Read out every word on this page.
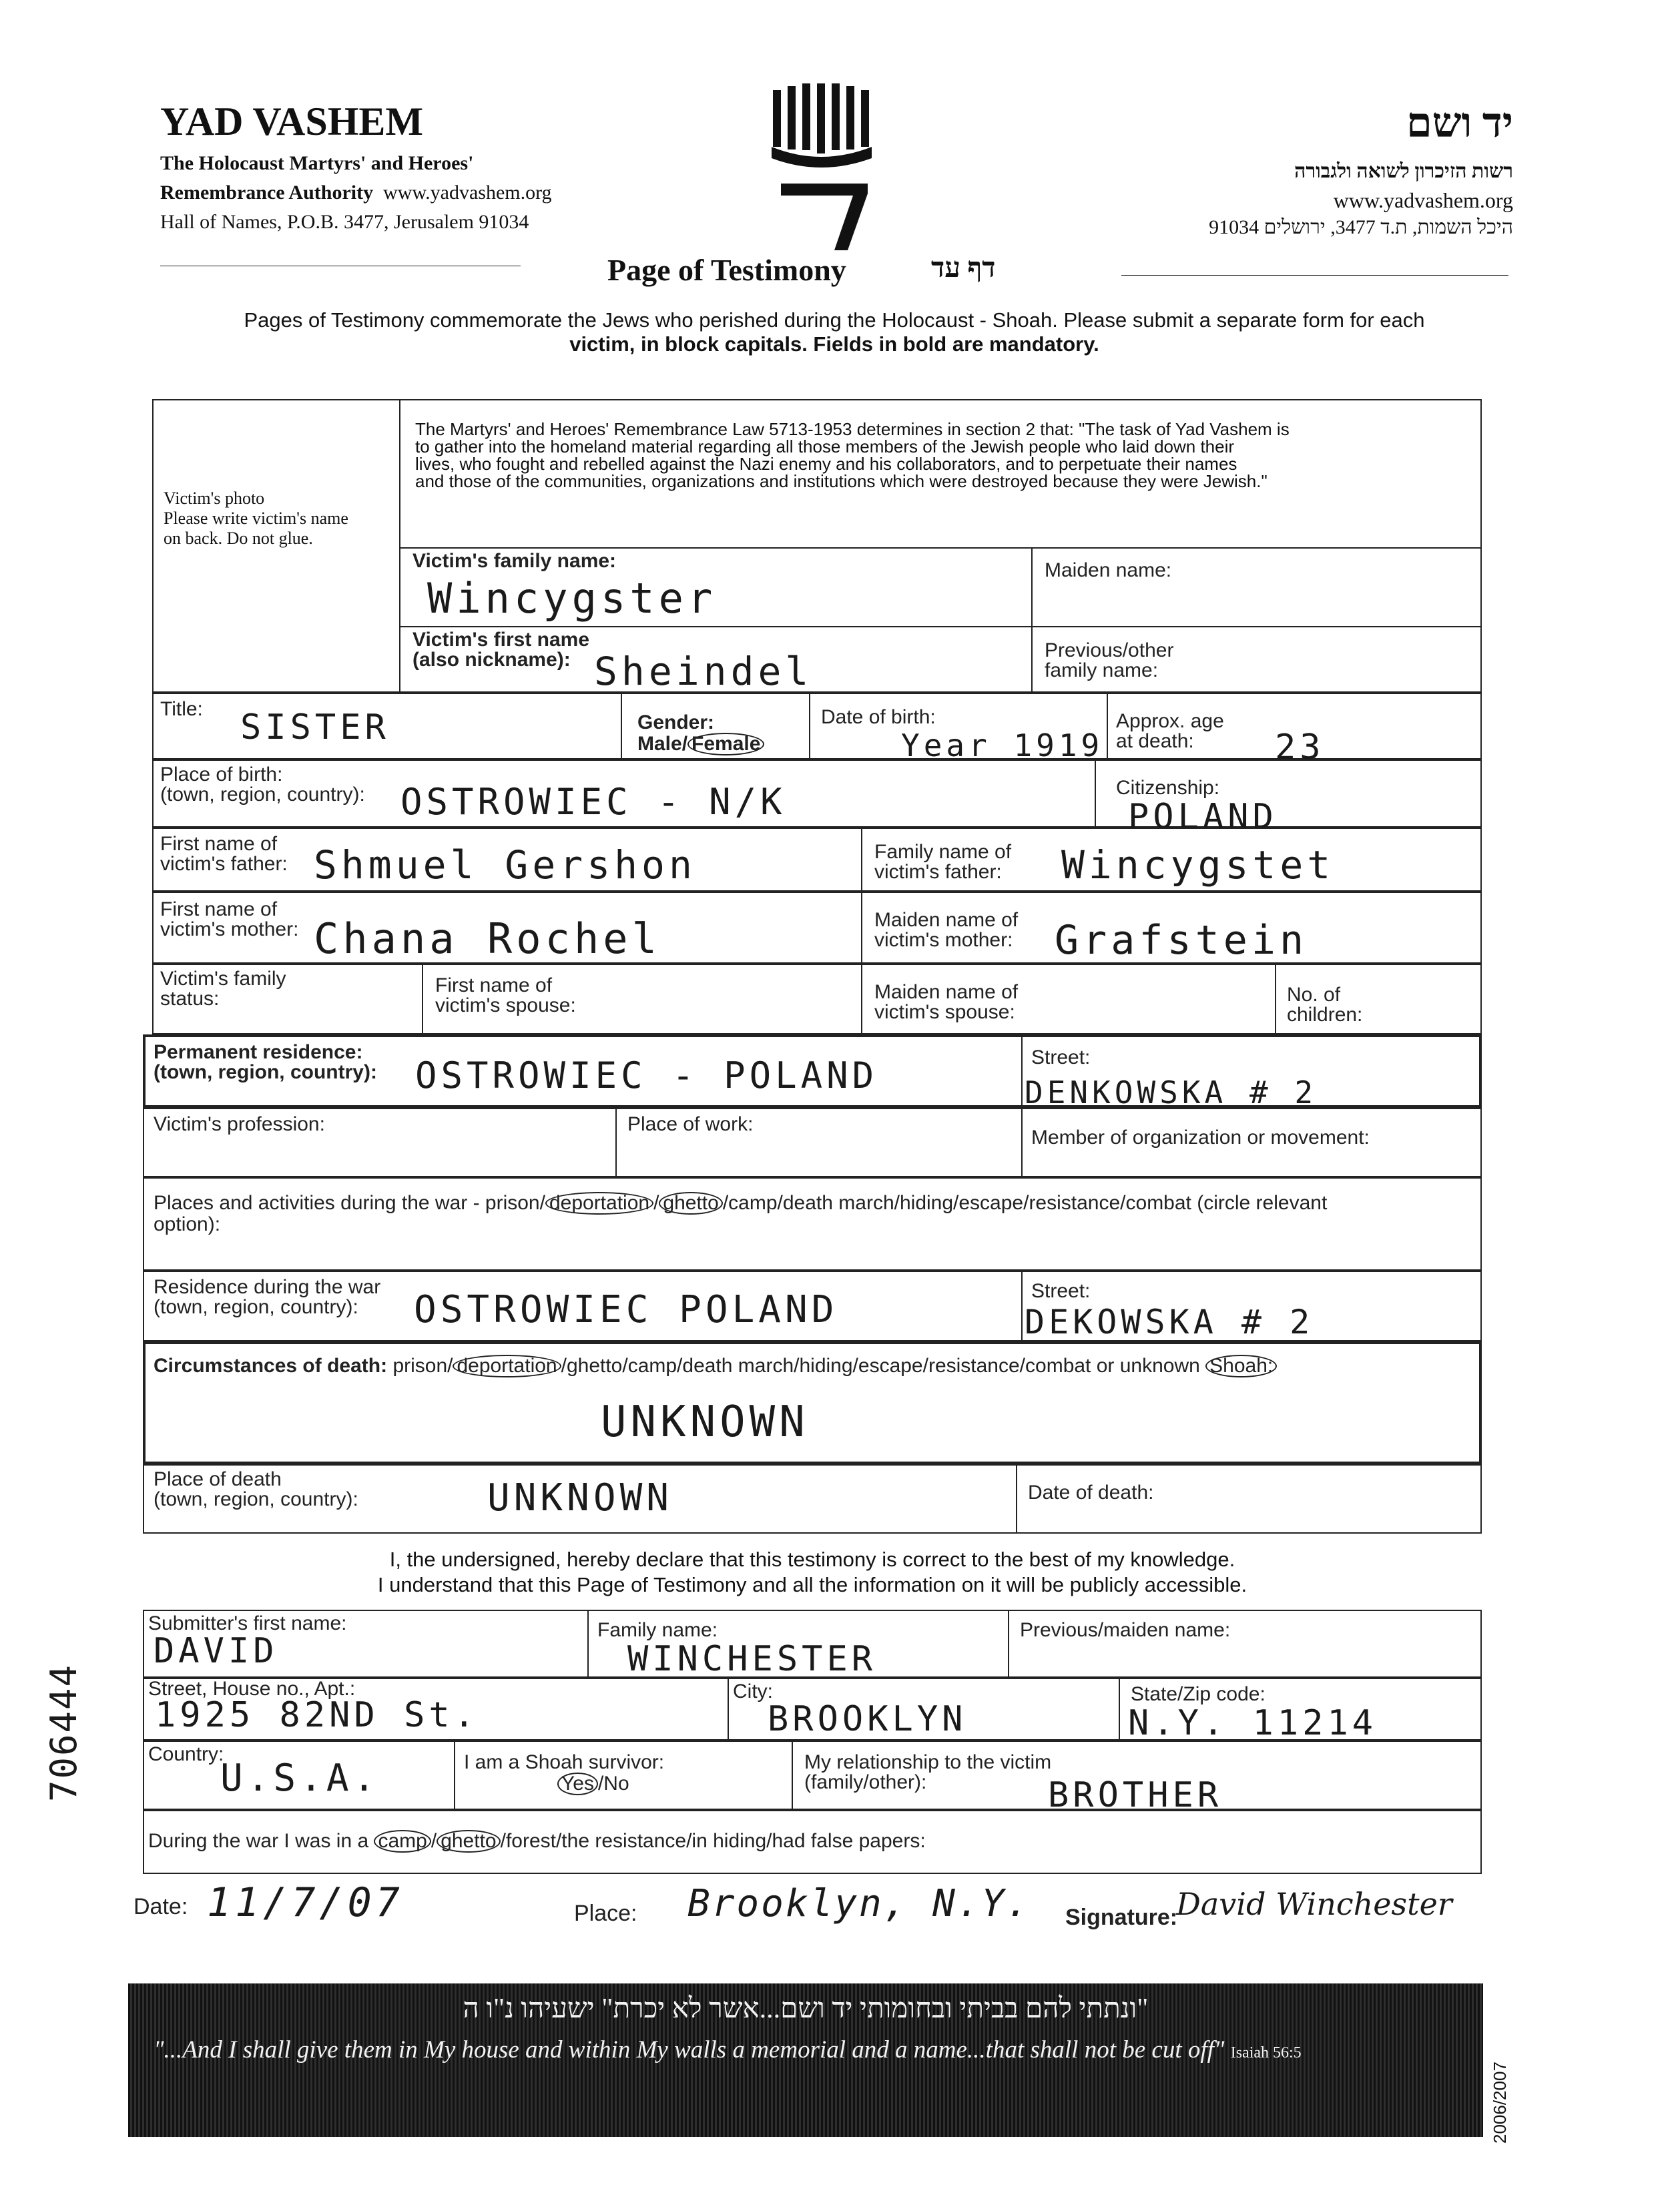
YAD VASHEM
The Holocaust Martyrs' and Heroes'
Remembrance Authority www.yadvashem.org
Hall of Names, P.O.B. 3477, Jerusalem 91034
יד ושם
רשות הזיכרון לשואה ולגבורה
www.yadvashem.org
היכל השמות, ת.ד 3477, ירושלים 91034
Page of Testimony	דף עד
Pages of Testimony commemorate the Jews who perished during the Holocaust - Shoah. Please submit a separate form for each
victim, in block capitals. Fields in bold are mandatory.
Victim's photo
Please write victim's name
on back. Do not glue.
The Martyrs' and Heroes' Remembrance Law 5713-1953 determines in section 2 that: "The task of Yad Vashem is
to gather into the homeland material regarding all those members of the Jewish people who laid down their
lives, who fought and rebelled against the Nazi enemy and his collaborators, and to perpetuate their names
and those of the communities, organizations and institutions which were destroyed because they were Jewish."
Victim's family name:
Wincygster
Maiden name:
Victim's first name
(also nickname): Sheindel	Previous/other
family name:
Title: SISTER	Gender:
Male/ Female
Date of birth:
Year 1919
Approx. age
at death:	23
Place of birth:
(town, region, country): OSTROWIEC - N/K	Citizenship:
POLAND
First name of
victim's father: Shmuel Gershon	Family name of
victim's father: Wincygstet
First name of
victim's mother: Chana Rochel	Maiden name of
victim's mother: Grafstein
Victim's family
status:
First name of
victim's spouse:
Maiden name of
victim's spouse:
No. of
children:
Permanent residence:
(town, region, country): OSTROWIEC - POLAND	Street:
DENKOWSKA # 2
Victim's profession:	Place of work:
Member of organization or movement:
Places and activities during the war - prison/ deportation / ghetto /camp/death march/hiding/escape/resistance/combat (circle relevant
option):
Residence during the war
(town, region, country):	OSTROWIEC POLAND	Street:
DEKOWSKA # 2
Circumstances of death: prison/ deportation /ghetto/camp/death march/hiding/escape/resistance/combat or unknown Shoah:
UNKNOWN
Place of death
(town, region, country):	UNKNOWN	Date of death:
I, the undersigned, hereby declare that this testimony is correct to the best of my knowledge.
I understand that this Page of Testimony and all the information on it will be publicly accessible.
Submitter's first name:
DAVID
Family name:
WINCHESTER
Previous/maiden name:
Street, House no., Apt.:
1925 82ND St.
City:
BROOKLYN
State/Zip code:
N.Y. 11214
Country:
U.S.A.	I am a Shoah survivor:
Yes /No
My relationship to the victim
(family/other):	BROTHER
During the war I was in a camp / ghetto /forest/the resistance/in hiding/had false papers:
Date: 11/7/07	Place: Brooklyn, N.Y. Signature:
David Winchester
706444
"ונתתי להם בביתי ובחומותי יד ושם...אשר לא יכרת" ישעיהו נ"ו ה
"...And I shall give them in My house and within My walls a memorial and a name...that shall not be cut off" Isaiah 56:5
2006/2007
